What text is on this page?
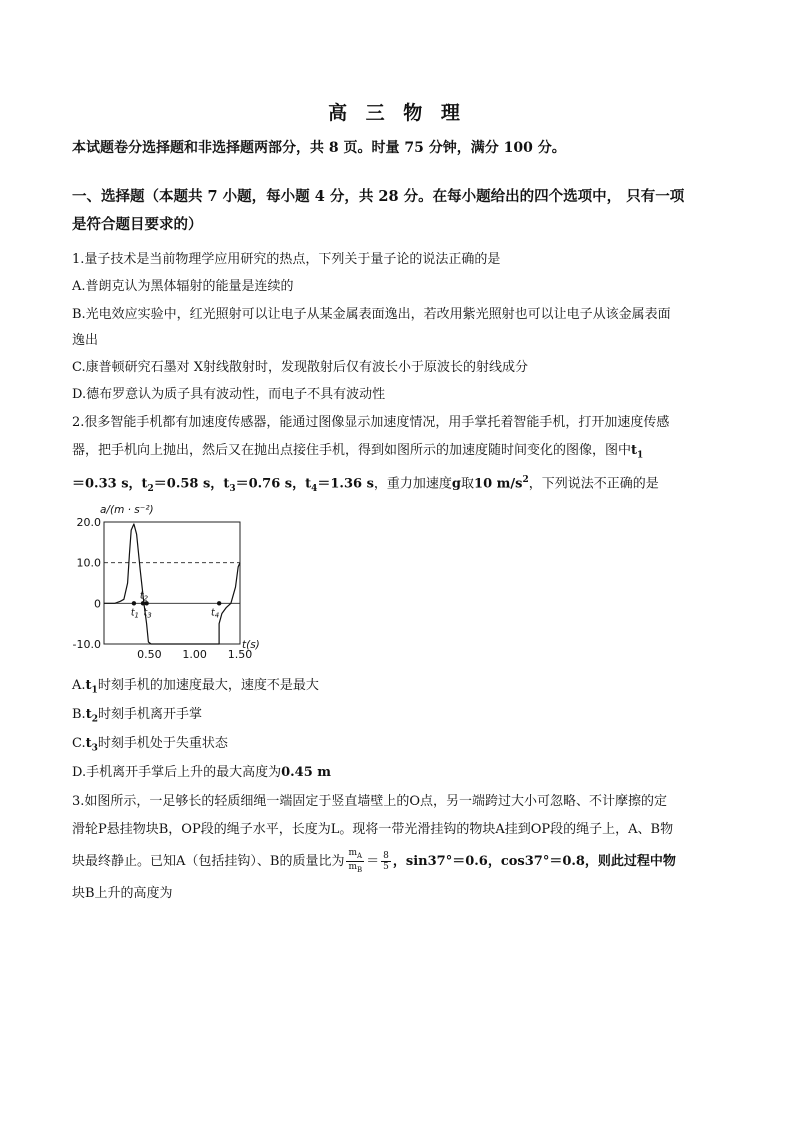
高 三 物 理
本试题卷分选择题和非选择题两部分，共 8 页。时量 75 分钟，满分 100 分。
一、选择题（本题共 7 小题，每小题 4 分，共 28 分。在每小题给出的四个选项中， 只有一项
是符合题目要求的）
1.量子技术是当前物理学应用研究的热点，下列关于量子论的说法正确的是
A.普朗克认为黑体辐射的能量是连续的
B.光电效应实验中，红光照射可以让电子从某金属表面逸出，若改用紫光照射也可以让电子从该金属表面
逸出
C.康普顿研究石墨对 X射线散射时，发现散射后仅有波长小于原波长的射线成分
D.德布罗意认为质子具有波动性，而电子不具有波动性
2.很多智能手机都有加速度传感器，能通过图像显示加速度情况，用手掌托着智能手机，打开加速度传感
器，把手机向上抛出，然后又在抛出点接住手机，得到如图所示的加速度随时间变化的图像，图中$t_1$
＝0.33 s，$t_2=0.58$ s，$t_3=0.76$ s，$t_4=1.36$ s，重力加速度g取10 $m/s^2$，下列说法不正确的是
20.0
10.0
0
-10.0
0.50 1.00 1.50
a/(m · s⁻²)
t(s)
$t_1$
$t_2$
$t_3$	$t_4$
$A.t_1$时刻手机的加速度最大，速度不是最大
$B.t_2$时刻手机离开手掌
$C.t_3$时刻手机处于失重状态
D.手机离开手掌后上升的最大高度为0.45 m
3.如图所示，一足够长的轻质细绳一端固定于竖直墙壁上的O点，另一端跨过大小可忽略、不计摩擦的定
滑轮P悬挂物块B，OP段的绳子水平，长度为L。现将一带光滑挂钩的物块A挂到OP段的绳子上，A、B物
块最终静止。已知A（包括挂钩）、B的质量比为 $\frac{m_A}{m_B} = \frac{8}{5}$ ，sin37°＝0.6，cos37°＝0.8，则此过程中物
块B上升的高度为
